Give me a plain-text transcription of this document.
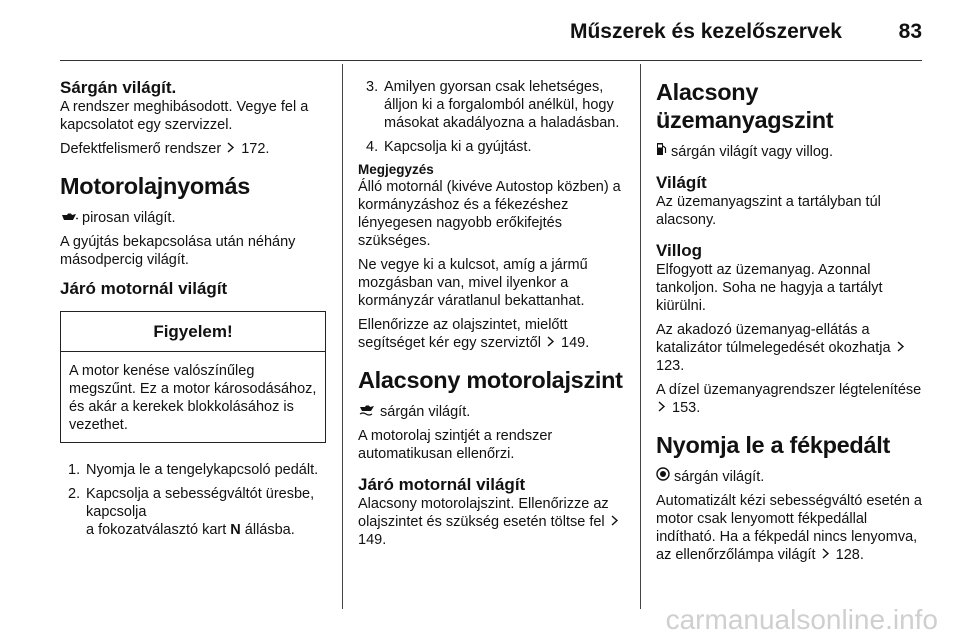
Műszerek és kezelőszervek	83
Sárgán világít.

A rendszer meghibásodott. Vegye fel a kapcsolatot egy szervizzel.

Defektfelismerő rendszer 172.

Motorolajnyomás

pirosan világít.

A gyújtás bekapcsolása után néhány másodpercig világít.

Járó motornál világít
Figyelem!
A motor kenése valószínűleg megszűnt. Ez a motor károsodásához, és akár a kerekek blokkolásához is vezethet.
1. Nyomja le a tengelykapcsoló pedált.
2. Kapcsolja a sebességváltót üresbe, kapcsolja
a fokozatválasztó kart N állásba.
3. Amilyen gyorsan csak lehetséges, álljon ki a forgalomból anélkül, hogy másokat akadályozna a haladásban.
4. Kapcsolja ki a gyújtást.
Megjegyzés

Álló motornál (kivéve Autostop közben) a kormányzáshoz és a fékezéshez lényegesen nagyobb erőkifejtés szükséges.

Ne vegye ki a kulcsot, amíg a jármű mozgásban van, mivel ilyenkor a kormányzár váratlanul bekattanhat.

Ellenőrizze az olajszintet, mielőtt segítséget kér egy szerviztől 149.

Alacsony motorolajszint

sárgán világít.

A motorolaj szintjét a rendszer automatikusan ellenőrzi.

Járó motornál világít

Alacsony motorolajszint. Ellenőrizze az olajszintet és szükség esetén töltse fel  149.

Alacsony üzemanyagszint

sárgán világít vagy villog.

Világít

Az üzemanyagszint a tartályban túl alacsony.

Villog

Elfogyott az üzemanyag. Azonnal tankoljon. Soha ne hagyja a tartályt kiürülni.

Az akadozó üzemanyag-ellátás a katalizátor túlmelegedését okozhatja  123.

A dízel üzemanyagrendszer légtelenítése  153.

Nyomja le a fékpedált

sárgán világít.

Automatizált kézi sebességváltó esetén a motor csak lenyomott fékpedállal indítható. Ha a fékpedál nincs lenyomva, az ellenőrzőlámpa világít 128.

carmanualsonline.info
